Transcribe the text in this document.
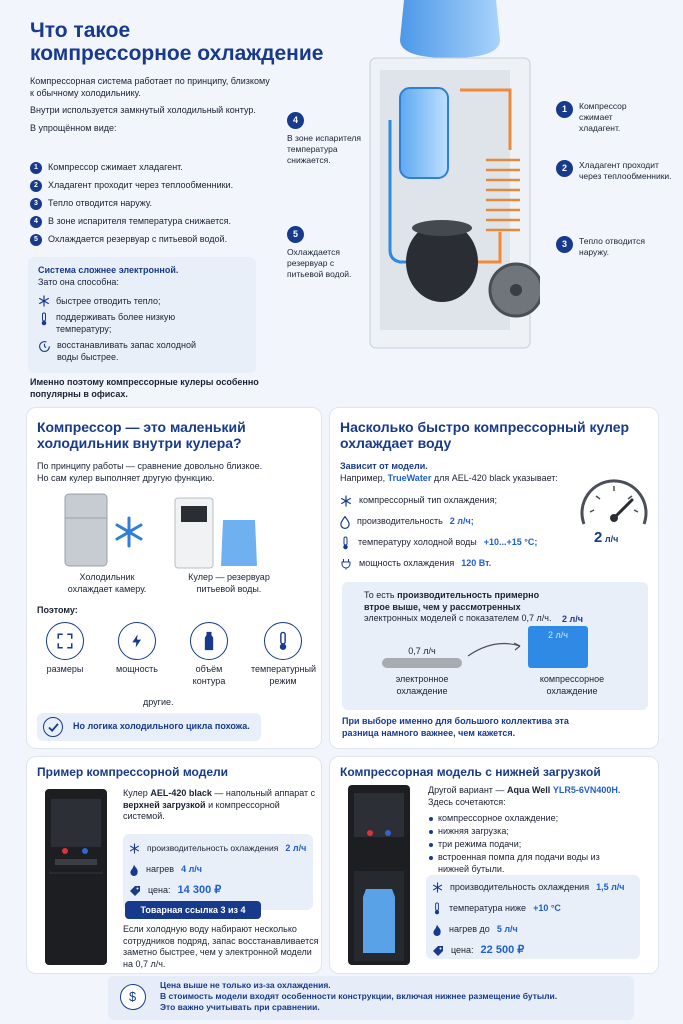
Что такое
компрессорное охлаждение

Компрессорная система работает по принципу, близкому к обычному холодильнику.

Внутри используется замкнутый холодильный контур.

В упрощённом виде:

1	Компрессор сжимает хладагент.
2	Хладагент проходит через теплообменники.
3	Тепло отводится наружу.
4	В зоне испарителя температура снижается.
5	Охлаждается резервуар с питьевой водой.
Система сложнее электронной.
Зато она способна:
быстрее отводить тепло;
поддерживать более низкую температуру;
восстанавливать запас холодной воды быстрее.
Именно поэтому компрессорные кулеры особенно популярны в офисах.
4
В зоне испарителя температура снижается.
5
Охлаждается резервуар с питьевой водой.
1	Компрессор сжимает хладагент.
2	Хладагент проходит через теплообменники.
3	Тепло отводится наружу.
Компрессор — это маленький холодильник внутри кулера?

По принципу работы — сравнение довольно близкое.

Но сам кулер выполняет другую функцию.

Холодильник охлаждает камеру.
Кулер — резервуар питьевой воды.
Поэтому:
размеры	мощность	объём контура
температурный режим
другие.
Но логика холодильного цикла похожа.
Насколько быстро компрессорный кулер охлаждает воду
Зависит от модели.
Например, TrueWater для AEL-420 black указывает:
компрессорный тип охлаждения;
производительность 2 л/ч;
температуру холодной воды +10...+15 °С;
мощность охлаждения 120 Вт.
2 л/ч
То есть производительность примерно втрое выше, чем у рассмотренных электронных моделей с показателем 0,7 л/ч.	2 л/ч
0,7 л/ч
2 л/ч
электронное охлаждение
компрессорное охлаждение
При выборе именно для большого коллектива эта разница намного важнее, чем кажется.
Пример компрессорной модели
Кулер AEL-420 black — напольный аппарат с верхней загрузкой и компрессорной системой.
производительность охлаждения 2 л/ч
нагрев 4 л/ч
цена: 14 300 ₽
Товарная ссылка 3 из 4
Если холодную воду набирают несколько сотрудников подряд, запас восстанавливается заметно быстрее, чем у электронной модели на 0,7 л/ч.
Компрессорная модель с нижней загрузкой
Другой вариант — Aqua Well YLR5-6VN400H.
Здесь сочетаются:
компрессорное охлаждение;
нижняя загрузка;
три режима подачи;
встроенная помпа для подачи воды из нижней бутыли.
производительность охлаждения 1,5 л/ч
температура ниже +10 °С
нагрев до 5 л/ч
цена: 22 500 ₽
$
Цена выше не только из-за охлаждения.
В стоимость модели входят особенности конструкции, включая нижнее размещение бутыли.
Это важно учитывать при сравнении.
